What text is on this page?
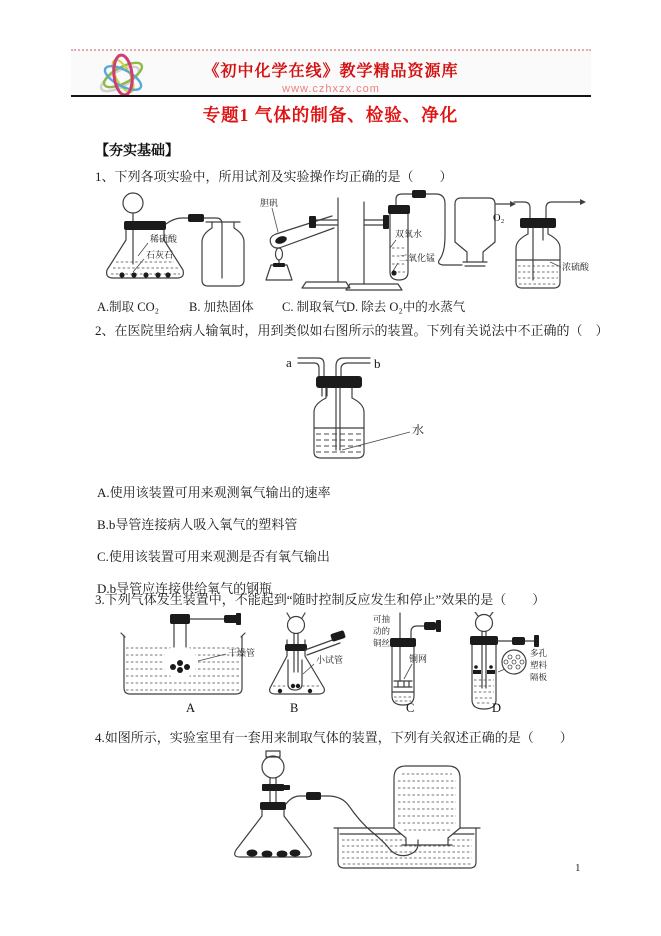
《初中化学在线》教学精品资源库
www.czhxzx.com
专题1 气体的制备、检验、净化
【夯实基础】
1、下列各项实验中，所用试剂及实验操作均正确的是（　　）
稀硫酸
石灰石
胆矾
双氧水
二氧化锰
O₂
浓硫酸
A.制取 CO₂ B. 加热固体 C. 制取氧气 D. 除去 O₂中的水蒸气
2、在医院里给病人输氧时，用到类似如右图所示的装置。下列有关说法中不正确的（　）
a	b
水
A.使用该装置可用来观测氧气输出的速率
B.b导管连接病人吸入氧气的塑料管
C.使用该装置可用来观测是否有氧气输出
D.b导管应连接供给氧气的钢瓶
3.下列气体发生装置中，不能起到“随时控制反应发生和停止”效果的是（　　）
干燥管
A
小试管
B
可抽
动的
铜丝
铜网
C
多孔
塑料
隔板
D
4.如图所示，实验室里有一套用来制取气体的装置，下列有关叙述正确的是（　　）
1
